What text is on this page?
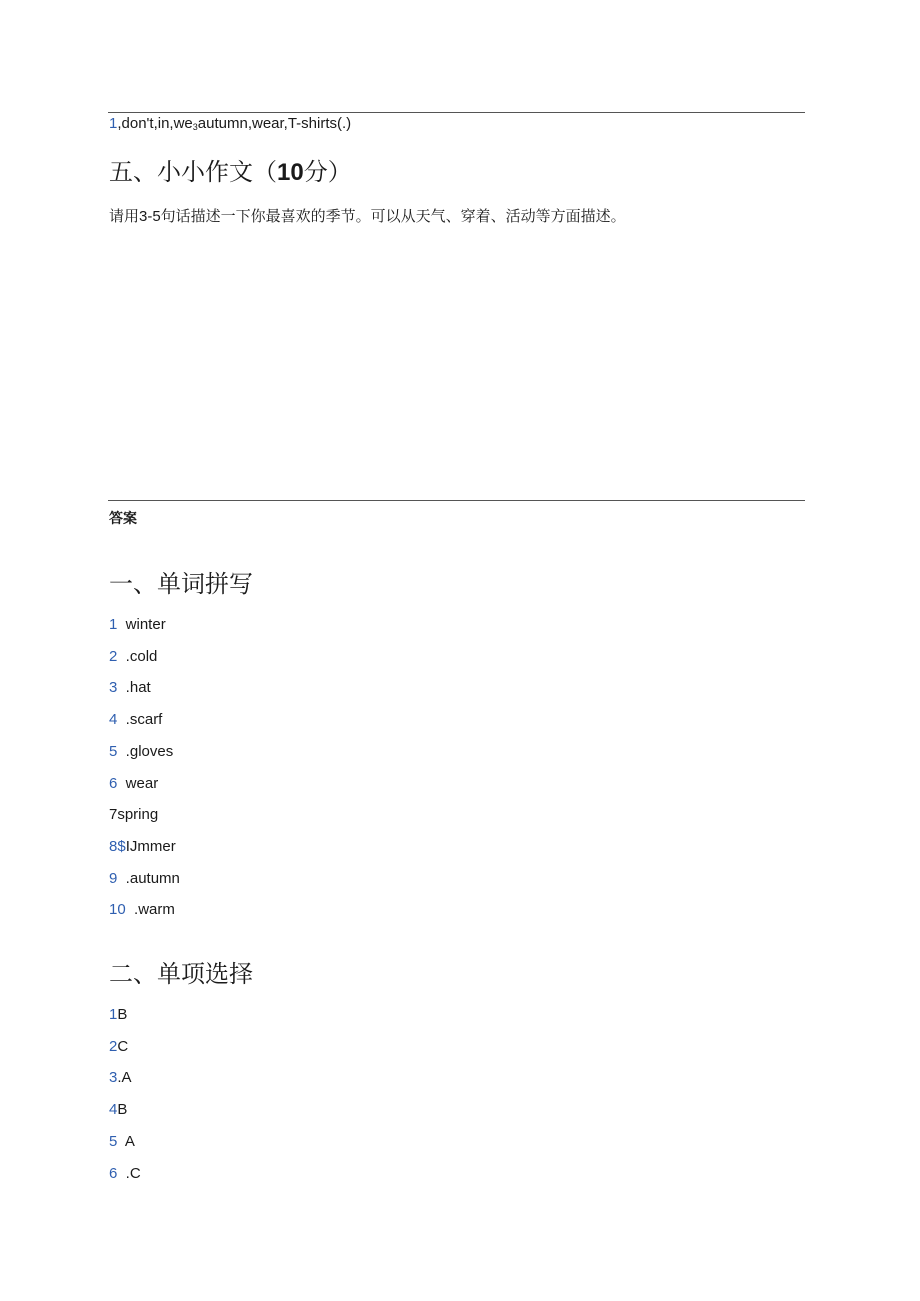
$1,don't,in,we_3autumn,wear,T-shirts(.)$
五、小小作文（10分）
请用3-5句话描述一下你最喜欢的季节。可以从天气、穿着、活动等方面描述。
答案
一、单词拼写
1  winter
2  .cold
3  .hat
4  .scarf
5  .gloves
6  wear
7spring
8$IJmmer
9  .autumn
10  .warm
二、单项选择
1B
2C
3.A
4B
5  A
6  .C
